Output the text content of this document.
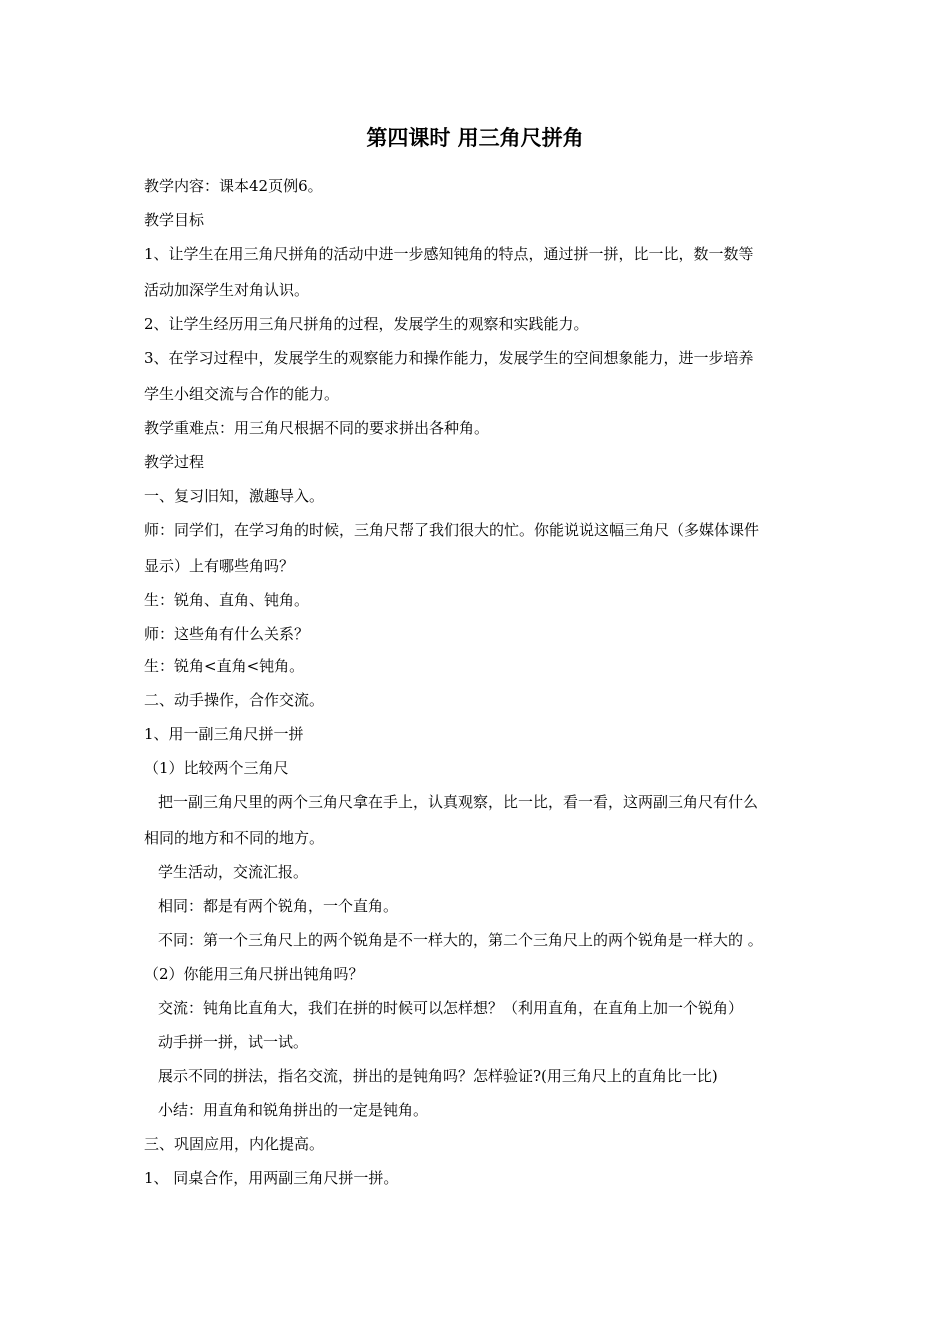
第四课时 用三角尺拼角
教学内容：课本42页例6。
教学目标
1、让学生在用三角尺拼角的活动中进一步感知钝角的特点，通过拼一拼，比一比，数一数等
活动加深学生对角认识。
2、让学生经历用三角尺拼角的过程，发展学生的观察和实践能力。
3、在学习过程中，发展学生的观察能力和操作能力，发展学生的空间想象能力，进一步培养
学生小组交流与合作的能力。
教学重难点：用三角尺根据不同的要求拼出各种角。
教学过程
一、复习旧知，激趣导入。
师：同学们，在学习角的时候，三角尺帮了我们很大的忙。你能说说这幅三角尺（多媒体课件
显示）上有哪些角吗？
生：锐角、直角、钝角。
师：这些角有什么关系？
生：锐角<直角<钝角。
二、动手操作，合作交流。
1、用一副三角尺拼一拼
（1）比较两个三角尺
把一副三角尺里的两个三角尺拿在手上，认真观察，比一比，看一看，这两副三角尺有什么
相同的地方和不同的地方。
学生活动，交流汇报。
相同：都是有两个锐角，一个直角。
不同：第一个三角尺上的两个锐角是不一样大的，第二个三角尺上的两个锐角是一样大的 。
（2）你能用三角尺拼出钝角吗？
交流：钝角比直角大，我们在拼的时候可以怎样想？（利用直角，在直角上加一个锐角）
动手拼一拼，试一试。
展示不同的拼法，指名交流，拼出的是钝角吗？怎样验证?(用三角尺上的直角比一比)
小结：用直角和锐角拼出的一定是钝角。
三、巩固应用，内化提高。
1、 同桌合作，用两副三角尺拼一拼。
